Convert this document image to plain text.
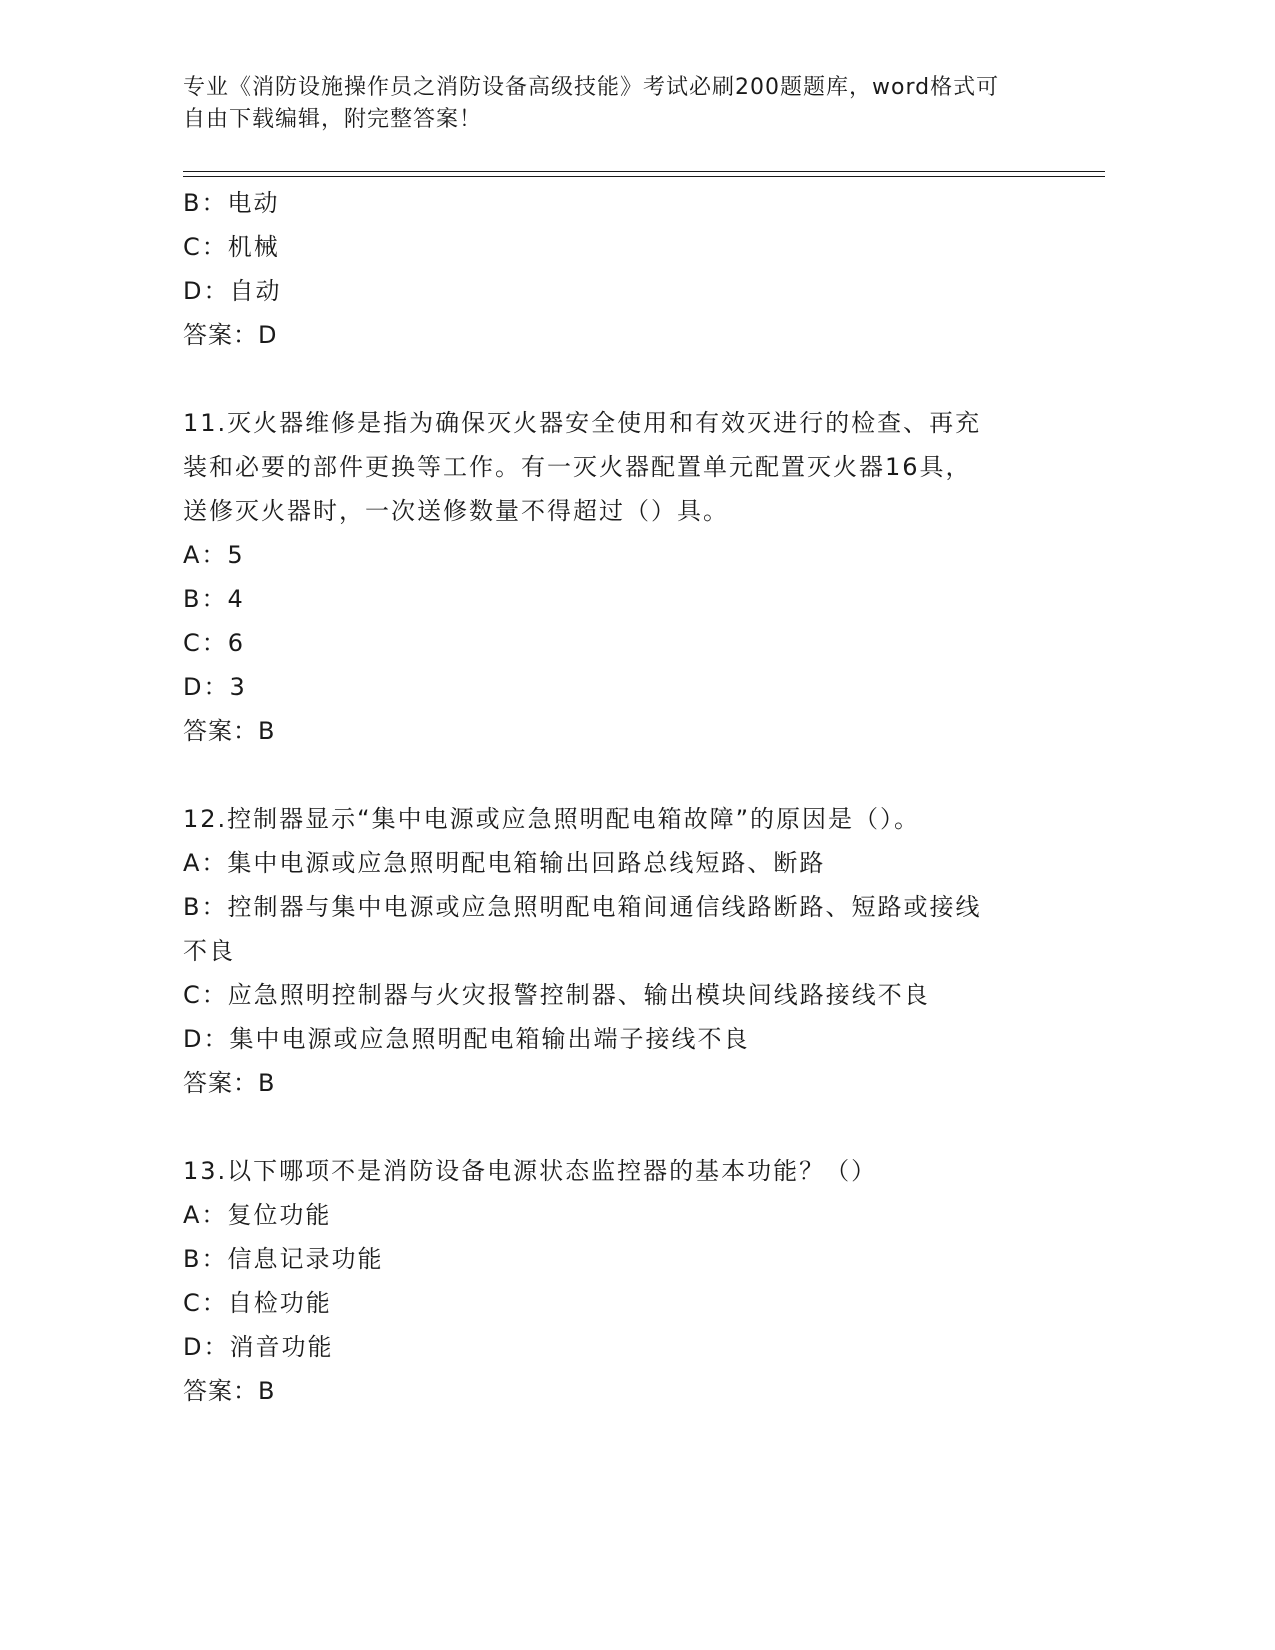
专业《消防设施操作员之消防设备高级技能》考试必刷200题题库，word格式可
自由下载编辑，附完整答案！
B：电动
C：机械
D：自动
答案：D
11.灭火器维修是指为确保灭火器安全使用和有效灭进行的检查、再充
装和必要的部件更换等工作。有一灭火器配置单元配置灭火器16具，
送修灭火器时，一次送修数量不得超过（）具。
A：5
B：4
C：6
D：3
答案：B
12.控制器显示“集中电源或应急照明配电箱故障”的原因是（）。
A：集中电源或应急照明配电箱输出回路总线短路、断路
B：控制器与集中电源或应急照明配电箱间通信线路断路、短路或接线
不良
C：应急照明控制器与火灾报警控制器、输出模块间线路接线不良
D：集中电源或应急照明配电箱输出端子接线不良
答案：B
13.以下哪项不是消防设备电源状态监控器的基本功能？（）
A：复位功能
B：信息记录功能
C：自检功能
D：消音功能
答案：B
